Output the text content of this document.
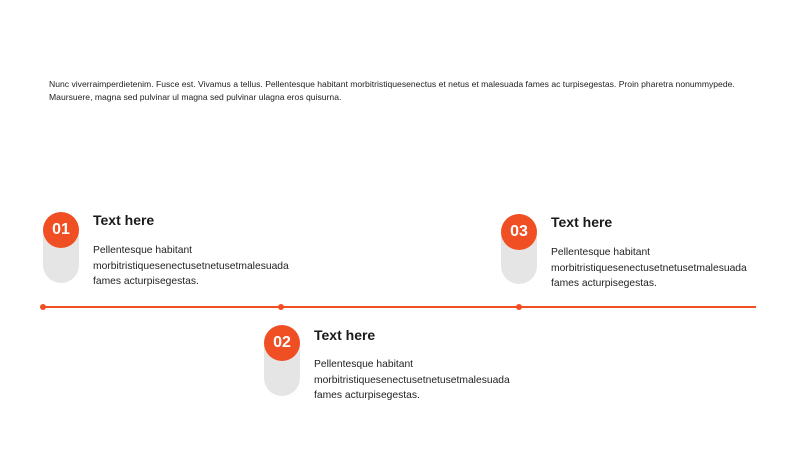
Nunc viverraimperdietenim. Fusce est. Vivamus a tellus. Pellentesque habitant morbitristiquesenectus et netus et malesuada fames ac turpisegestas. Proin pharetra nonummypede.

Maursuere, magna sed pulvinar ul magna sed pulvinar ulagna eros quisurna.

01
Text here
Pellentesque habitant morbitristiquesenectusetnetusetmalesuada fames acturpisegestas.
02	Text here
Pellentesque habitant morbitristiquesenectusetnetusetmalesuada fames acturpisegestas.
03
Text here
Pellentesque habitant morbitristiquesenectusetnetusetmalesuada fames acturpisegestas.
